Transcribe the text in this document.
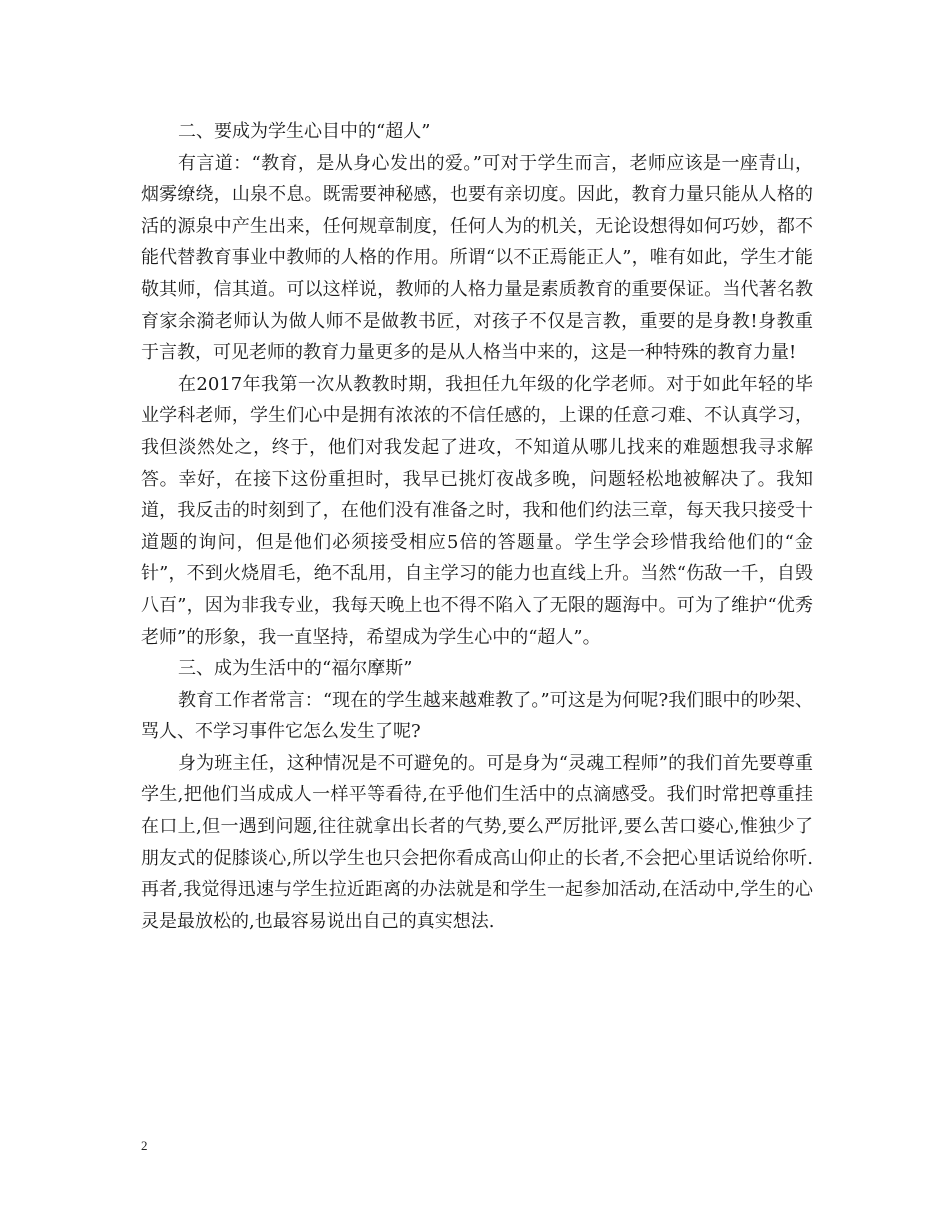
二、要成为学生心目中的“超人”

有言道：“教育，是从身心发出的爱。”可对于学生而言，老师应该是一座青山，烟雾缭绕，山泉不息。既需要神秘感，也要有亲切度。因此，教育力量只能从人格的活的源泉中产生出来，任何规章制度，任何人为的机关，无论设想得如何巧妙，都不能代替教育事业中教师的人格的作用。所谓“以不正焉能正人”，唯有如此，学生才能敬其师，信其道。可以这样说，教师的人格力量是素质教育的重要保证。当代著名教育家余漪老师认为做人师不是做教书匠，对孩子不仅是言教，重要的是身教!身教重于言教，可见老师的教育力量更多的是从人格当中来的，这是一种特殊的教育力量!

在2017年我第一次从教教时期，我担任九年级的化学老师。对于如此年轻的毕业学科老师，学生们心中是拥有浓浓的不信任感的，上课的任意刁难、不认真学习，我但淡然处之，终于，他们对我发起了进攻，不知道从哪儿找来的难题想我寻求解答。幸好，在接下这份重担时，我早已挑灯夜战多晚，问题轻松地被解决了。我知道，我反击的时刻到了，在他们没有准备之时，我和他们约法三章，每天我只接受十道题的询问，但是他们必须接受相应5倍的答题量。学生学会珍惜我给他们的“金针”，不到火烧眉毛，绝不乱用，自主学习的能力也直线上升。当然“伤敌一千，自毁八百”，因为非我专业，我每天晚上也不得不陷入了无限的题海中。可为了维护“优秀老师”的形象，我一直坚持，希望成为学生心中的“超人”。

三、成为生活中的“福尔摩斯”

教育工作者常言：“现在的学生越来越难教了。”可这是为何呢?我们眼中的吵架、骂人、不学习事件它怎么发生了呢?

身为班主任，这种情况是不可避免的。可是身为“灵魂工程师”的我们首先要尊重学生,把他们当成成人一样平等看待,在乎他们生活中的点滴感受。我们时常把尊重挂在口上,但一遇到问题,往往就拿出长者的气势,要么严厉批评,要么苦口婆心,惟独少了朋友式的促膝谈心,所以学生也只会把你看成高山仰止的长者,不会把心里话说给你听.再者,我觉得迅速与学生拉近距离的办法就是和学生一起参加活动,在活动中,学生的心灵是最放松的,也最容易说出自己的真实想法.

2
